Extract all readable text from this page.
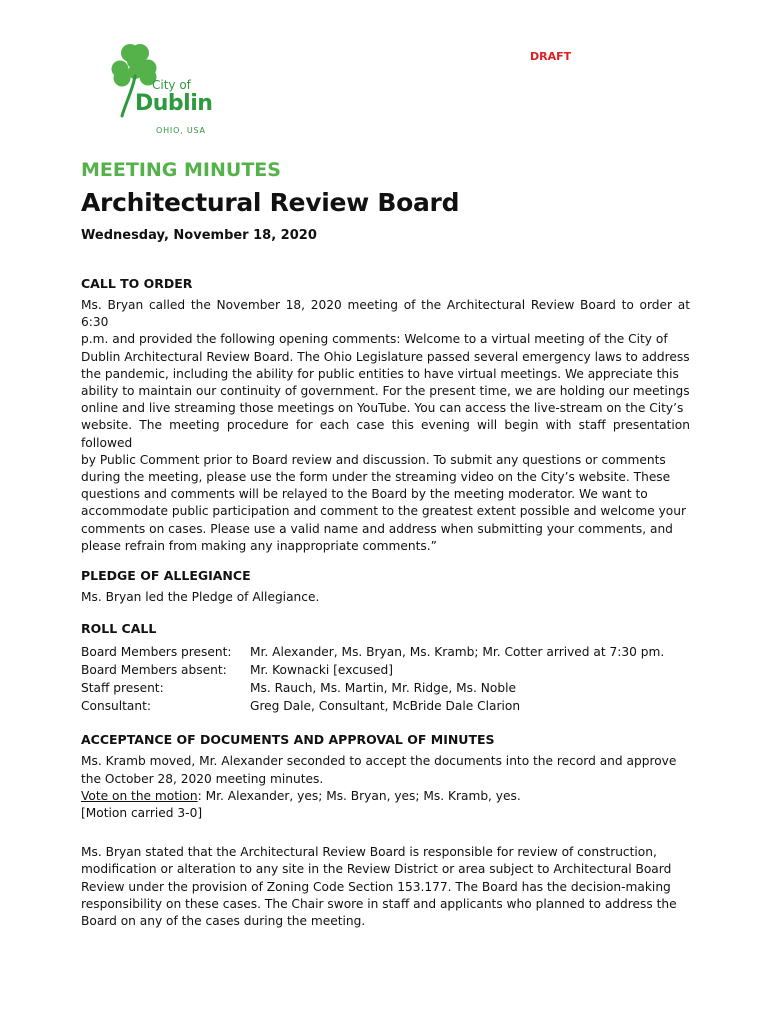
City of
Dublin
OHIO, USA
DRAFT
MEETING MINUTES
Architectural Review Board
Wednesday, November 18, 2020
CALL TO ORDER

Ms. Bryan called the November 18, 2020 meeting of the Architectural Review Board to order at 6:30
p.m. and provided the following opening comments: Welcome to a virtual meeting of the City of
Dublin Architectural Review Board. The Ohio Legislature passed several emergency laws to address
the pandemic, including the ability for public entities to have virtual meetings. We appreciate this
ability to maintain our continuity of government. For the present time, we are holding our meetings
online and live streaming those meetings on YouTube. You can access the live-stream on the City’s
website. The meeting procedure for each case this evening will begin with staff presentation followed
by Public Comment prior to Board review and discussion. To submit any questions or comments
during the meeting, please use the form under the streaming video on the City’s website. These
questions and comments will be relayed to the Board by the meeting moderator. We want to
accommodate public participation and comment to the greatest extent possible and welcome your
comments on cases. Please use a valid name and address when submitting your comments, and
please refrain from making any inappropriate comments.”

PLEDGE OF ALLEGIANCE

Ms. Bryan led the Pledge of Allegiance.

ROLL CALL
Board Members present:	Mr. Alexander, Ms. Bryan, Ms. Kramb; Mr. Cotter arrived at 7:30 pm.
Board Members absent:	Mr. Kownacki [excused]
Staff present:	Ms. Rauch, Ms. Martin, Mr. Ridge, Ms. Noble
Consultant:	Greg Dale, Consultant, McBride Dale Clarion
ACCEPTANCE OF DOCUMENTS AND APPROVAL OF MINUTES

Ms. Kramb moved, Mr. Alexander seconded to accept the documents into the record and approve
the October 28, 2020 meeting minutes.
Vote on the motion: Mr. Alexander, yes; Ms. Bryan, yes; Ms. Kramb, yes.
[Motion carried 3-0]

Ms. Bryan stated that the Architectural Review Board is responsible for review of construction,
modification or alteration to any site in the Review District or area subject to Architectural Board
Review under the provision of Zoning Code Section 153.177. The Board has the decision-making
responsibility on these cases. The Chair swore in staff and applicants who planned to address the
Board on any of the cases during the meeting.
